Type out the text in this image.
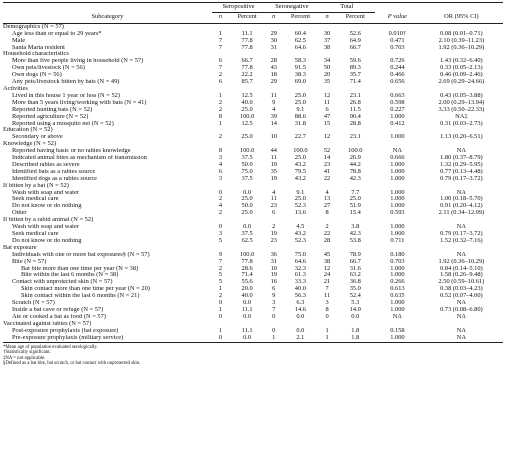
	Seropositive		Seronegative		Total			
Subcategory	n	Percent	n	Percent	n	Percent	P value	OR (95% CI)
Demographics (N = 57)								
Age less than or equal to 29 years*	1	11.1	29	60.4	30	52.6	0.010†	0.08 (0.01–0.71)
Male	7	77.8	30	62.5	37	64.9	0.471	2.10 (0.39–11.23)
Santa Marta resident	7	77.8	31	64.6	38	66.7	0.703	1.92 (0.36–10.29)
Household characteristics								
More than five people living in household (N = 57)	6	66.7	28	58.3	34	59.6	0.726	1.43 (0.32–6.40)
Own pets/livestock (N = 56)	7	77.8	43	91.5	50	89.3	0.244	0.33 (0.05–2.13)
Own dogs (N = 56)	2	22.2	18	38.3	20	35.7	0.466	0.46 (0.09–2.46)
Any pets/livestock bitten by bats (N = 49)	6	85.7	29	69.0	35	71.4	0.656	2.69 (0.29–24.66)
Activities								
Lived in this house 1 year or less (N = 52)	1	12.5	11	25.0	12	23.1	0.663	0.43 (0.05–3.88)
More than 5 years living/working with bats (N = 41)	2	40.0	9	25.0	11	26.8	0.598	2.00 (0.29–13.94)
Reported hunting bats (N = 52)	2	25.0	4	9.1	6	11.5	0.227	3.33 (0.50–22.33)
Reported agriculture (N = 52)	8	100.0	39	88.6	47	90.4	1.000	NA‡
Reported using a mosquito net (N = 52)	1	12.5	14	31.8	15	28.8	0.412	0.31 (0.03–2.73)
Education (N = 52)								
Secondary or above	2	25.0	10	22.7	12	23.1	1.000	1.13 (0.20–6.51)
Knowledge (N = 52)								
Reported having basic or no rabies knowledge	8	100.0	44	100.0	52	100.0	NA	NA
Indicated animal bites as mechanism of transmission	3	37.5	11	25.0	14	26.9	0.666	1.80 (0.37–8.79)
Described rabies as severe	4	50.0	19	43.2	23	44.2	1.000	1.32 (0.29–5.95)
Identified bats as a rabies source	6	75.0	35	79.5	41	78.8	1.000	0.77 (0.13–4.48)
Identified dogs as a rabies source	3	37.5	19	43.2	22	42.3	1.000	0.79 (0.17–3.72)
If bitten by a bat (N = 52)								
Wash with soap and water	0	0.0	4	9.1	4	7.7	1.000	NA
Seek medical care	2	25.0	11	25.0	13	25.0	1.000	1.00 (0.18–5.70)
Do not know or do nothing	4	50.0	23	52.3	27	51.9	1.000	0.91 (0.20–4.12)
Other	2	25.0	6	13.6	8	15.4	0.593	2.11 (0.34–12.99)
If bitten by a rabid animal (N = 52)								
Wash with soap and water	0	0.0	2	4.5	2	3.8	1.000	NA
Seek medical care	3	37.5	19	43.2	22	42.3	1.000	0.79 (0.17–3.72)
Do not know or do nothing	5	62.5	23	52.3	28	53.8	0.711	1.52 (0.32–7.16)
Bat exposure								
Individuals with one or more bat exposures§ (N = 57)	9	100.0	36	75.0	45	78.9	0.180	NA
Bite (N = 57)	7	77.8	31	64.6	38	66.7	0.703	1.92 (0.36–10.29)
Bat bite more than one time per year (N = 38)	2	28.6	10	32.3	12	31.6	1.000	0.84 (0.14–5.10)
Bite within the last 6 months (N = 38)	5	71.4	19	61.3	24	63.2	1.000	1.58 (0.26–9.48)
Contact with unprotected skin (N = 57)	5	55.6	16	33.3	21	36.8	0.266	2.50 (0.59–10.61)
Skin contact more than one time per year (N = 20)	1	20.0	6	40.0	7	35.0	0.613	0.38 (0.03–4.23)
Skin contact within the last 6 months (N = 21)	2	40.0	9	56.3	11	52.4	0.635	0.52 (0.07–4.00)
Scratch (N = 57)	0	0.0	3	6.3	3	5.3	1.000	NA
Inside a bat cave or refuge (N = 57)	1	11.1	7	14.6	8	14.0	1.000	0.73 (0.08–6.80)
Ate or cooked a bat as food (N = 57)	0	0.0	0	0.0	0	0.0	NA	NA
Vaccinated against rabies (N = 57)								
Post-exposure prophylaxis (bat exposure)	1	11.1	0	0.0	1	1.8	0.158	NA
Pre-exposure prophylaxis (military service)	0	0.0	1	2.1	1	1.8	1.000	NA
*Mean age of population evaluated serologically.
†Statistically significant.
‡NA = not applicable.
§Defined as a bat bite, bat scratch, or bat contact with unprotected skin.
